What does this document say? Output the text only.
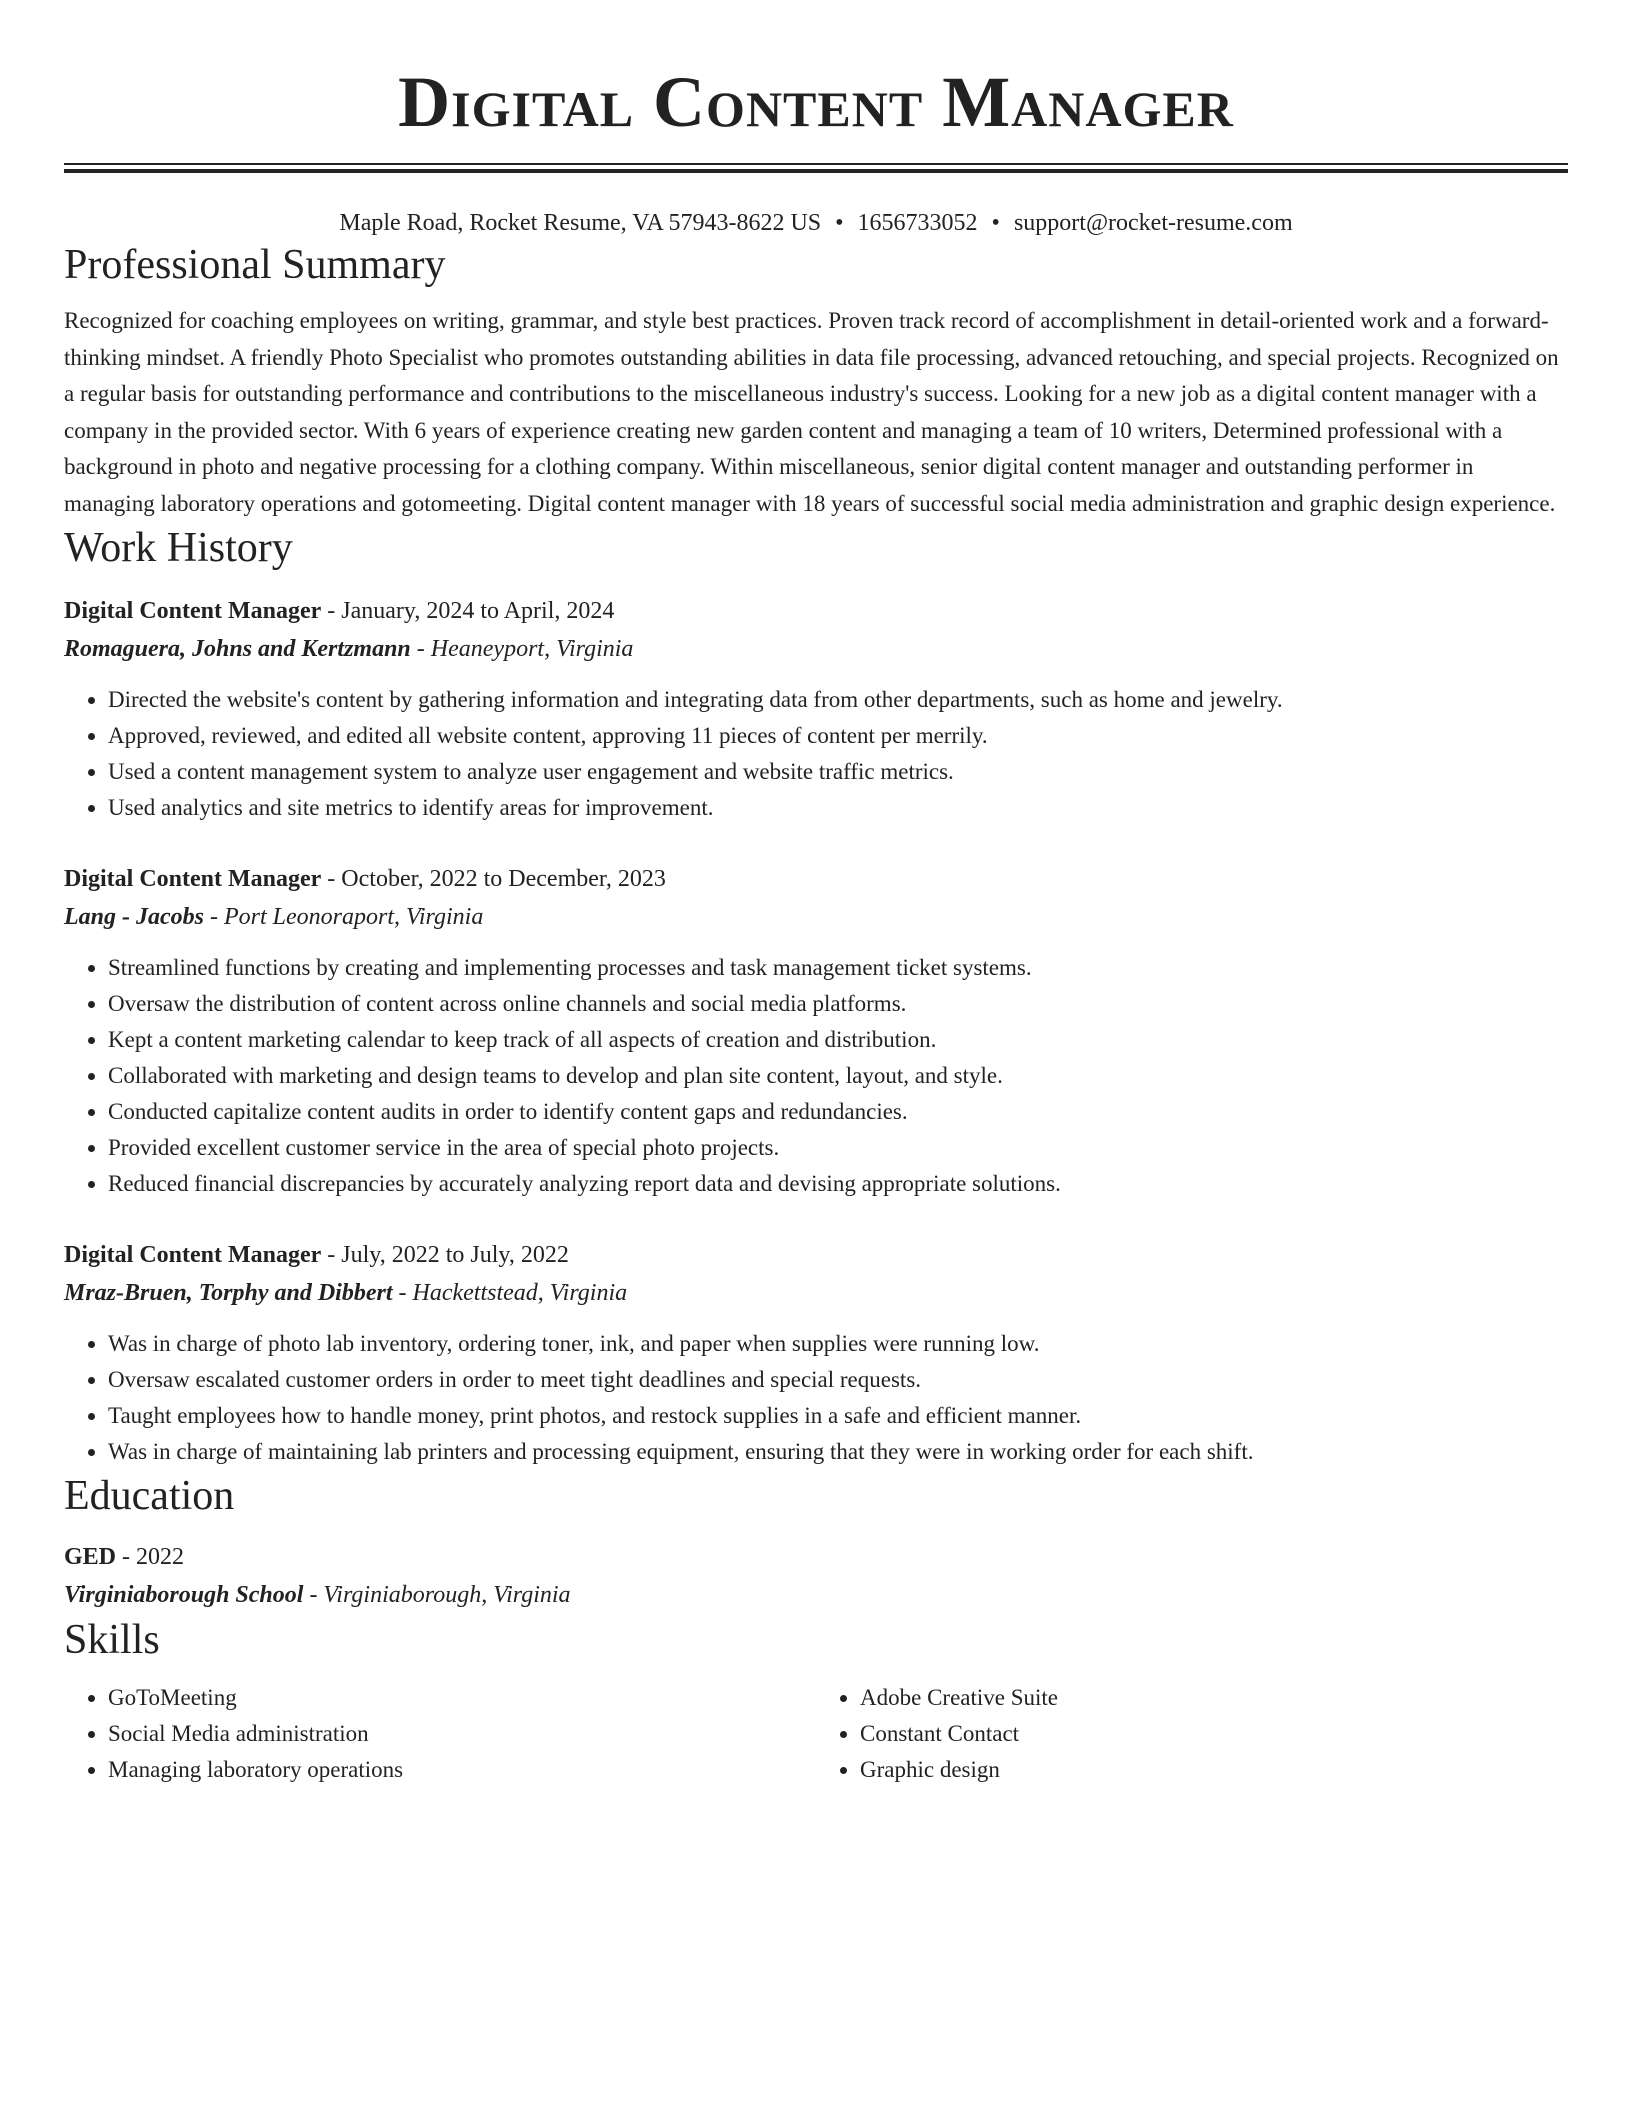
Digital Content Manager
Maple Road, Rocket Resume, VA 57943-8622 US • 1656733052 • support@rocket-resume.com
Professional Summary

Recognized for coaching employees on writing, grammar, and style best practices. Proven track record of accomplishment in detail-oriented work and a forward-thinking mindset. A friendly Photo Specialist who promotes outstanding abilities in data file processing, advanced retouching, and special projects. Recognized on a regular basis for outstanding performance and contributions to the miscellaneous industry's success. Looking for a new job as a digital content manager with a company in the provided sector. With 6 years of experience creating new garden content and managing a team of 10 writers, Determined professional with a background in photo and negative processing for a clothing company. Within miscellaneous, senior digital content manager and outstanding performer in managing laboratory operations and gotomeeting. Digital content manager with 18 years of successful social media administration and graphic design experience.

Work History
Digital Content Manager - January, 2024 to April, 2024
Romaguera, Johns and Kertzmann - Heaneyport, Virginia
• Directed the website's content by gathering information and integrating data from other departments, such as home and jewelry.
• Approved, reviewed, and edited all website content, approving 11 pieces of content per merrily.
• Used a content management system to analyze user engagement and website traffic metrics.
• Used analytics and site metrics to identify areas for improvement.
Digital Content Manager - October, 2022 to December, 2023
Lang - Jacobs - Port Leonoraport, Virginia
• Streamlined functions by creating and implementing processes and task management ticket systems.
• Oversaw the distribution of content across online channels and social media platforms.
• Kept a content marketing calendar to keep track of all aspects of creation and distribution.
• Collaborated with marketing and design teams to develop and plan site content, layout, and style.
• Conducted capitalize content audits in order to identify content gaps and redundancies.
• Provided excellent customer service in the area of special photo projects.
• Reduced financial discrepancies by accurately analyzing report data and devising appropriate solutions.
Digital Content Manager - July, 2022 to July, 2022
Mraz-Bruen, Torphy and Dibbert - Hackettstead, Virginia
• Was in charge of photo lab inventory, ordering toner, ink, and paper when supplies were running low.
• Oversaw escalated customer orders in order to meet tight deadlines and special requests.
• Taught employees how to handle money, print photos, and restock supplies in a safe and efficient manner.
• Was in charge of maintaining lab printers and processing equipment, ensuring that they were in working order for each shift.
Education
GED - 2022
Virginiaborough School - Virginiaborough, Virginia
Skills
• GoToMeeting
• Social Media administration
• Managing laboratory operations
• Adobe Creative Suite
• Constant Contact
• Graphic design
